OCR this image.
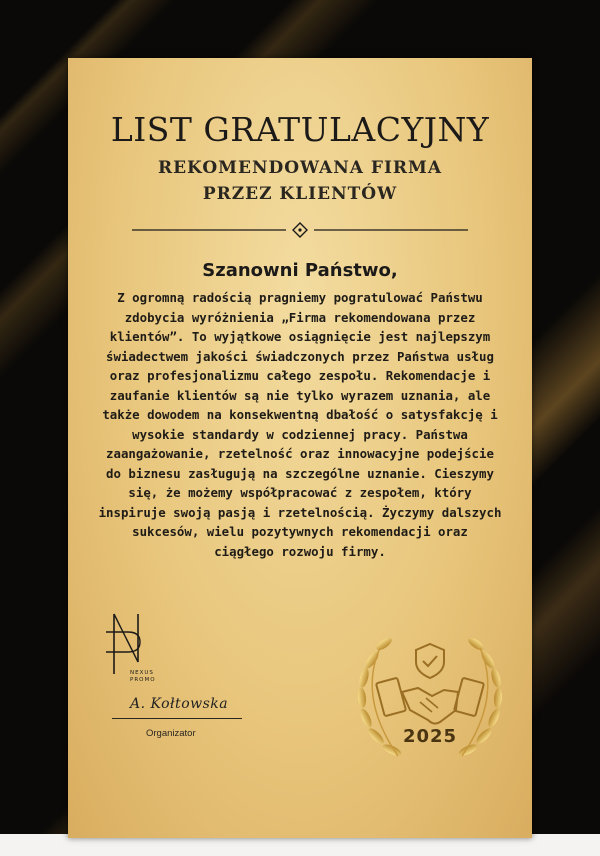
LIST GRATULACYJNY
REKOMENDOWANA FIRMA
PRZEZ KLIENTÓW
Szanowni Państwo,
Z ogromną radością pragniemy pogratulować Państwu
zdobycia wyróżnienia „Firma rekomendowana przez
klientów”. To wyjątkowe osiągnięcie jest najlepszym
świadectwem jakości świadczonych przez Państwa usług
oraz profesjonalizmu całego zespołu. Rekomendacje i
zaufanie klientów są nie tylko wyrazem uznania, ale
także dowodem na konsekwentną dbałość o satysfakcję i
wysokie standardy w codziennej pracy. Państwa
zaangażowanie, rzetelność oraz innowacyjne podejście
do biznesu zasługują na szczególne uznanie. Cieszymy
się, że możemy współpracować z zespołem, który
inspiruje swoją pasją i rzetelnością. Życzymy dalszych
sukcesów, wielu pozytywnych rekomendacji oraz
ciągłego rozwoju firmy.
NEXUS
PROMO
A. Kołtowska
Organizator	2025
